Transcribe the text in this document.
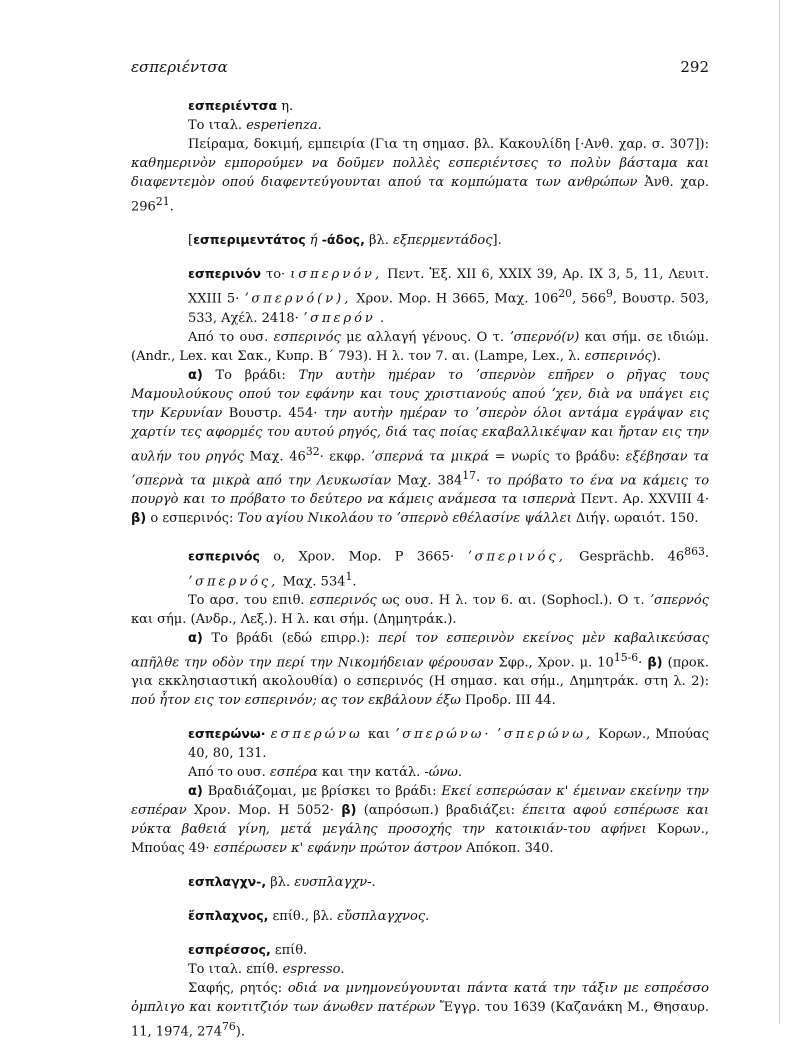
εσπεριέντσα	292

εσπεριέντσα η.

Το ιταλ. esperienza.

Πείραμα, δοκιμή, εμπειρία (Για τη σημασ. βλ. Κακουλίδη [·Ανθ. χαρ. σ. 307]): καθημερινὸν εμπορούμεν να δοῦμεν πολλὲς εσπεριέντσες το πολὺν βάσταμα και διαφεντεμὸν οπού διαφεντεύγουνται απού τα κομπώματα των ανθρώπων Ἀνθ. χαρ. $296^{21}$.

[εσπεριμεντάτος ή -άδος, βλ. εξπερμεντάδος].

εσπερινόν το· ισπερνόν, Πεντ. Ἐξ. XII 6, XXIX 39, Αρ. IX 3, 5, 11, Λευιτ. XXIII 5· ʼσπερνό(ν), Χρον. Μορ. Η 3665, Μαχ. $106^{20}$, $566^9$, Βουστρ. 503, 533, Αχέλ. 2418· ʼσπερόν .

Από το ουσ. εσπερινός με αλλαγή γένους. Ο τ. ʼσπερνό(ν) και σήμ. σε ιδιώμ. (Andr., Lex. και Σακ., Κυπρ. Β΄ 793). Η λ. τον 7. αι. (Lampe, Lex., λ. εσπερινός).

α) Το βράδι: Την αυτὴν ημέραν το ʼσπερνὸν επῆρεν ο ρῆγας τους Μαμουλούκους οπού τον εφάνην και τους χριστιανούς απού ʼχεν, διὰ να υπάγει εις την Κερυνίαν Βουστρ. 454· την αυτὴν ημέραν το ʼσπερὸν όλοι αντάμα εγράψαν εις χαρτίν τες αφορμές του αυτού ρηγός, διά τας ποίας εκαβαλλικέψαν και ἤρταν εις την αυλήν του ρηγός Μαχ. $46^{32}\cdot \varepsilon\kappa\varphi\rho$. ʼσπερνά τα μικρά = νωρίς το βράδυ: εξέβησαν τα ʼσπερνὰ τα μικρὰ από την Λευκωσίαν Μαχ. $384^{17}\cdot \tau o$ πρόβατο το ένα να κάμεις το πουργὸ και το πρόβατο το δεύτερο να κάμεις ανάμεσα τα ισπερνὰ Πεντ. Αρ. XXVIII 4· β) ο εσπερινός: Του αγίου Νικολάου το ʼσπερνὸ εθέλασίνε ψάλλει Διήγ. ωραιότ. 150.

εσπερινός ο, Χρον. Μορ. Ρ 3665· ʼσπερινός, Gesprächb. $46^{863}\cdot$ ʼσπερνός, Μαχ. $534^1$.

Το αρσ. του επιθ. εσπερινός ως ουσ. Η λ. τον 6. αι. (Sophocl.). Ο τ. ʼσπερνός και σήμ. (Ανδρ., Λεξ.). Η λ. και σήμ. (Δημητράκ.).

α) Το βράδι (εδώ επιρρ.): περί τον εσπερινὸν εκείνος μὲν καβαλικεύσας απῆλθε την οδὸν την περί την Νικομήδειαν φέρουσαν Σφρ., Χρον. μ. $10^{15-6}\cdot \beta$) (προκ. για εκκλησιαστική ακολουθία) ο εσπερινός (Η σημασ. και σήμ., Δημητράκ. στη λ. 2): πού ἦτον εις τον εσπερινόν; ας τον εκβάλουν έξω Προδρ. III 44.

εσπερώνω· εσπερώνω και ʼσπερώνω· ʼσπερώνω, Κορων., Μπούας 40, 80, 131.

Από το ουσ. εσπέρα και την κατάλ. -ώνω.

α) Βραδιάζομαι, με βρίσκει το βράδι: Εκεί εσπερώσαν κ' έμειναν εκείνην την εσπέραν Χρον. Μορ. Η 5052· β) (απρόσωπ.) βραδιάζει: έπειτα αφού εσπέρωσε και νύκτα βαθειά γίνη, μετά μεγάλης προσοχής την κατοικιάν-του αφήνει Κορων., Μπούας 49· εσπέρωσεν κ' εφάνην πρώτον άστρον Απόκοπ. 340.

εσπλαγχν-, βλ. ευσπλαγχν-.

ἔσπλαχνος, επίθ., βλ. εὔσπλαγχνος.

εσπρέσσος, επίθ.

Το ιταλ. επίθ. espresso.

Σαφής, ρητός: οδιά να μνημονεύγουνται πάντα κατά την τάξιν με εσπρέσσο ὁμπλιγο και κοντιτζιόν των άνωθεν πατέρων Ἔγγρ. του 1639 (Καζανάκη Μ., Θησαυρ. 11, 1974, $274^{76}$).
